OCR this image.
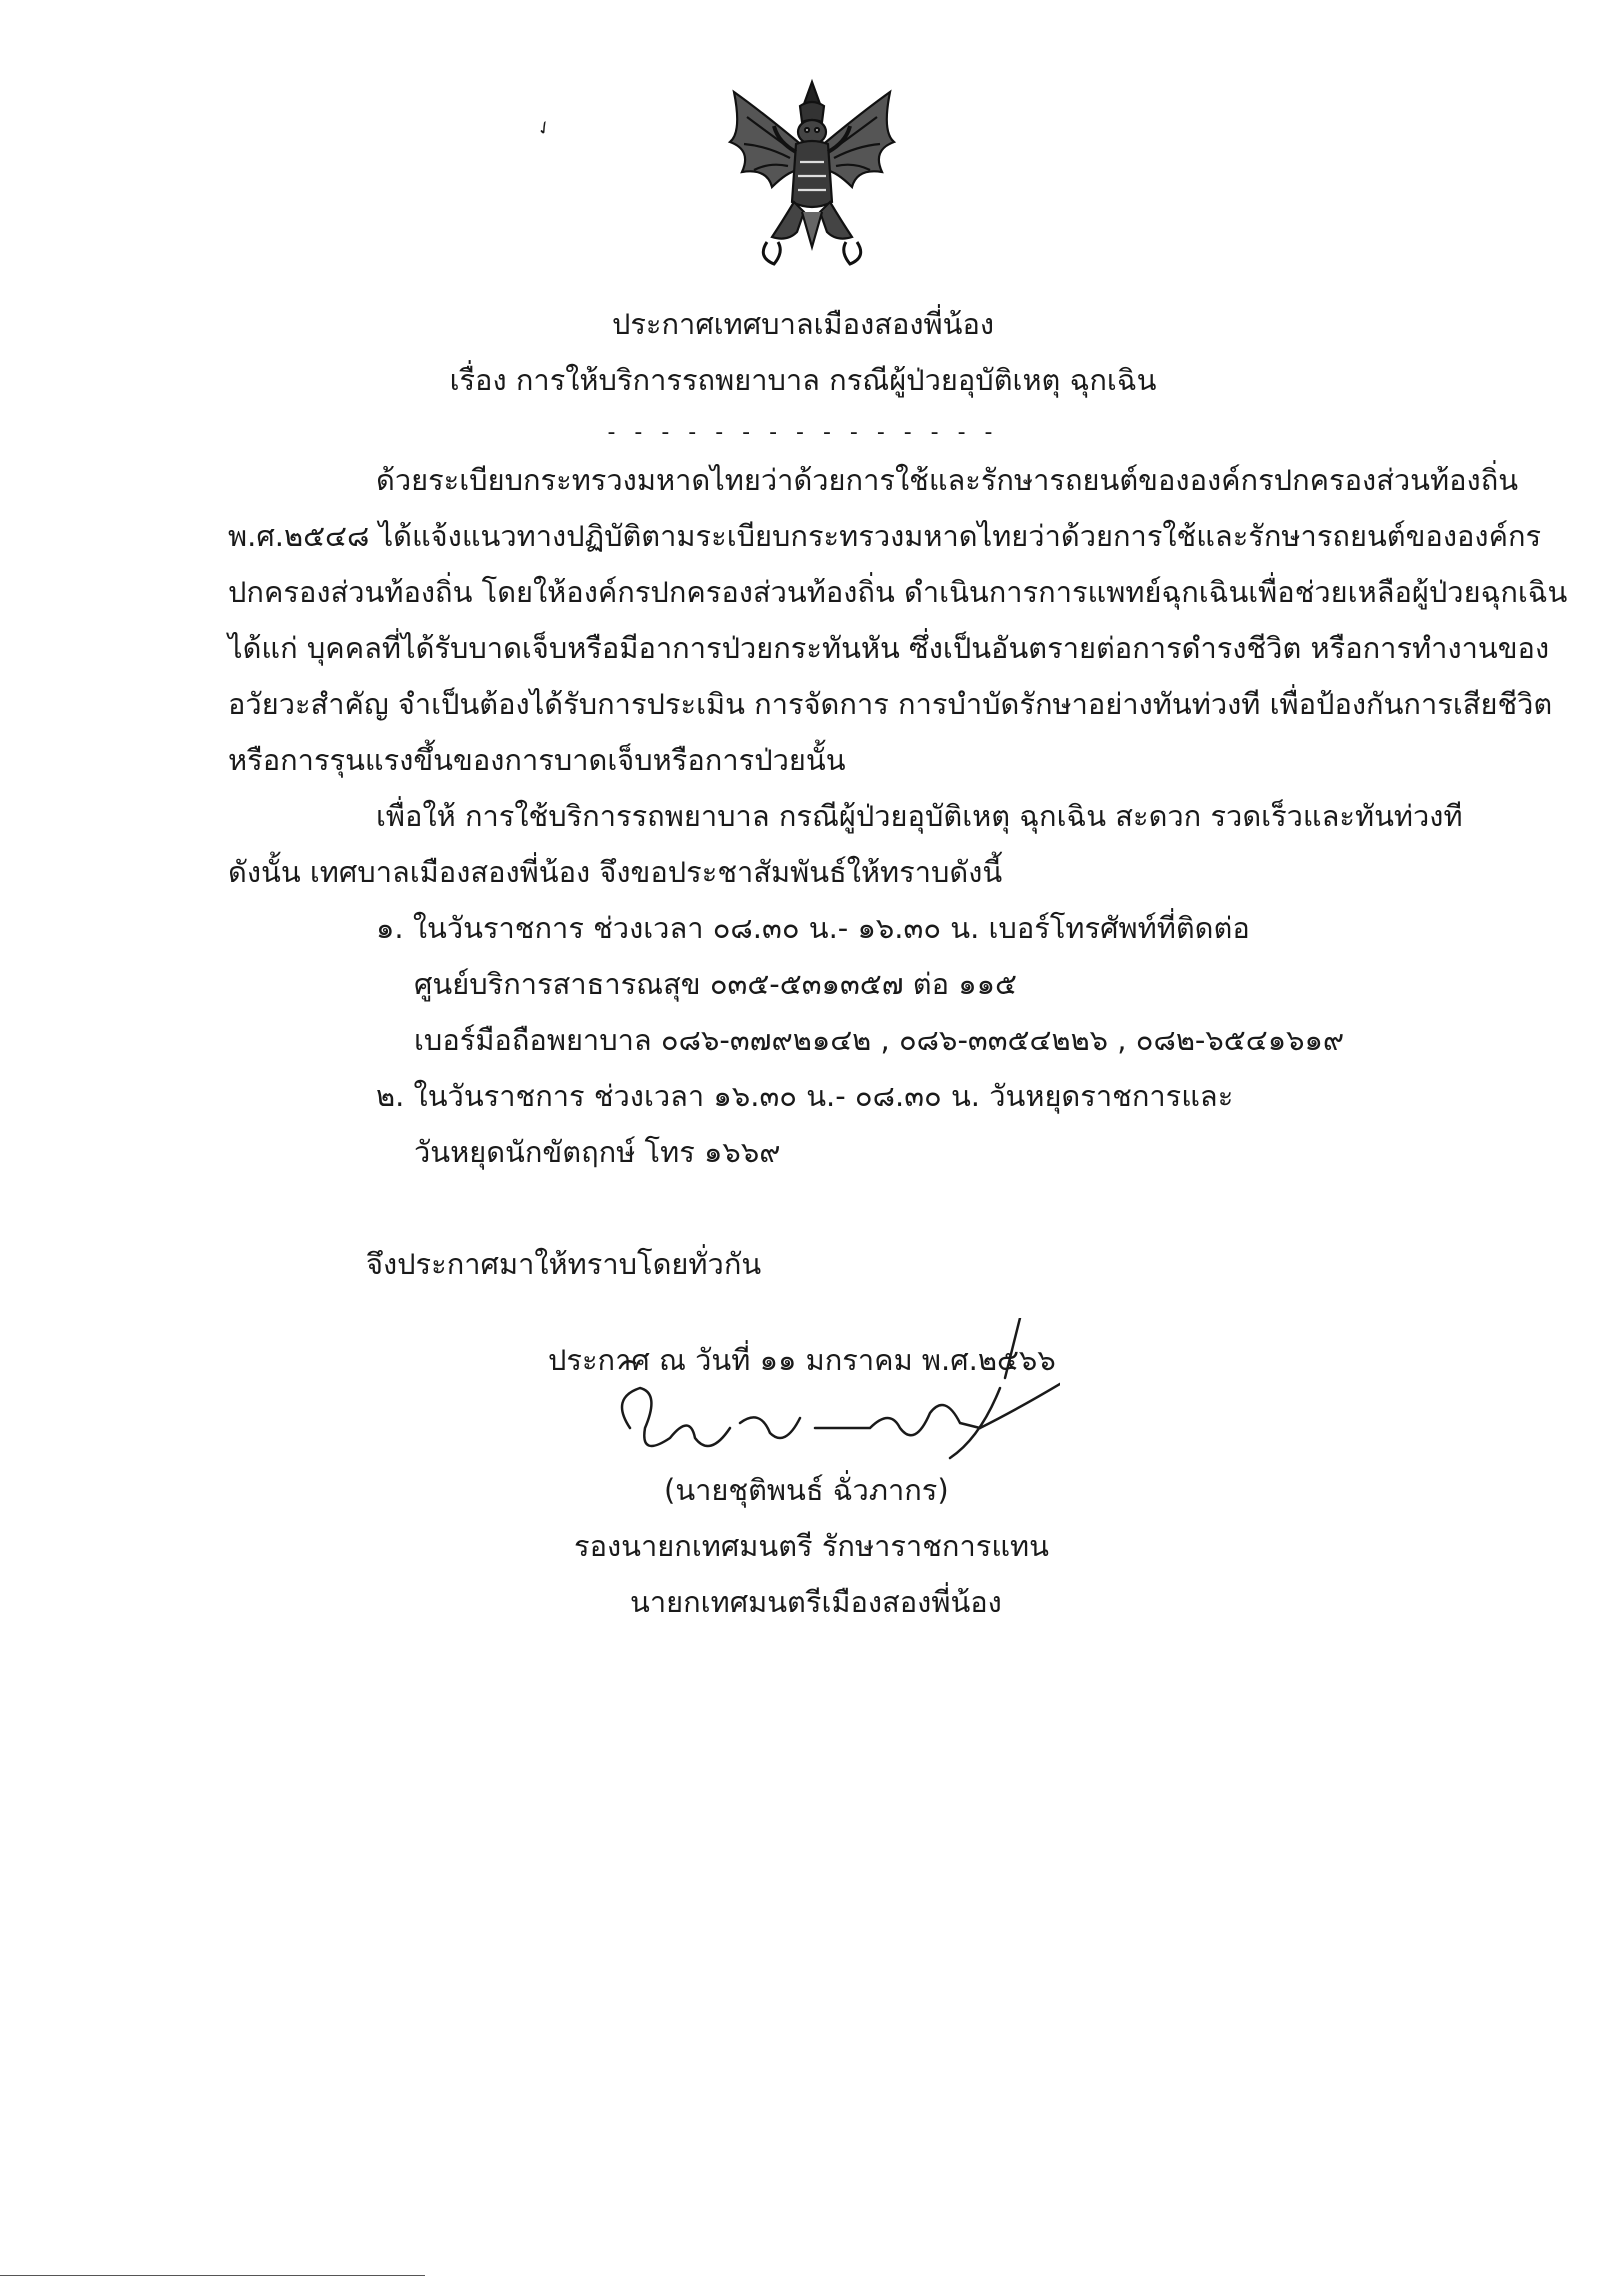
✓
ประกาศเทศบาลเมืองสองพี่น้อง
เรื่อง การให้บริการรถพยาบาล กรณีผู้ป่วยอุบัติเหตุ ฉุกเฉิน
- - - - - - - - - - - - - - -
ด้วยระเบียบกระทรวงมหาดไทยว่าด้วยการใช้และรักษารถยนต์ขององค์กรปกครองส่วนท้องถิ่น
พ.ศ.๒๕๔๘ ได้แจ้งแนวทางปฏิบัติตามระเบียบกระทรวงมหาดไทยว่าด้วยการใช้และรักษารถยนต์ขององค์กร
ปกครองส่วนท้องถิ่น โดยให้องค์กรปกครองส่วนท้องถิ่น ดำเนินการการแพทย์ฉุกเฉินเพื่อช่วยเหลือผู้ป่วยฉุกเฉิน
ได้แก่ บุคคลที่ได้รับบาดเจ็บหรือมีอาการป่วยกระทันหัน ซึ่งเป็นอันตรายต่อการดำรงชีวิต หรือการทำงานของ
อวัยวะสำคัญ จำเป็นต้องได้รับการประเมิน การจัดการ การบำบัดรักษาอย่างทันท่วงที เพื่อป้องกันการเสียชีวิต
หรือการรุนแรงขึ้นของการบาดเจ็บหรือการป่วยนั้น
เพื่อให้ การใช้บริการรถพยาบาล กรณีผู้ป่วยอุบัติเหตุ ฉุกเฉิน สะดวก รวดเร็วและทันท่วงที
ดังนั้น เทศบาลเมืองสองพี่น้อง จึงขอประชาสัมพันธ์ให้ทราบดังนี้
๑. ในวันราชการ ช่วงเวลา ๐๘.๓๐ น.- ๑๖.๓๐ น. เบอร์โทรศัพท์ที่ติดต่อ
ศูนย์บริการสาธารณสุข ๐๓๕-๕๓๑๓๕๗ ต่อ ๑๑๕
เบอร์มือถือพยาบาล ๐๘๖-๓๗๙๒๑๔๒ , ๐๘๖-๓๓๕๔๒๒๖ , ๐๘๒-๖๕๔๑๖๑๙
๒. ในวันราชการ ช่วงเวลา ๑๖.๓๐ น.- ๐๘.๓๐ น. วันหยุดราชการและ
วันหยุดนักขัตฤกษ์ โทร ๑๖๖๙
จึงประกาศมาให้ทราบโดยทั่วกัน
ประกาศ ณ วันที่ ๑๑ มกราคม พ.ศ.๒๕๖๖
(นายชุติพนธ์ ฉั่วภากร)
รองนายกเทศมนตรี รักษาราชการแทน
นายกเทศมนตรีเมืองสองพี่น้อง
